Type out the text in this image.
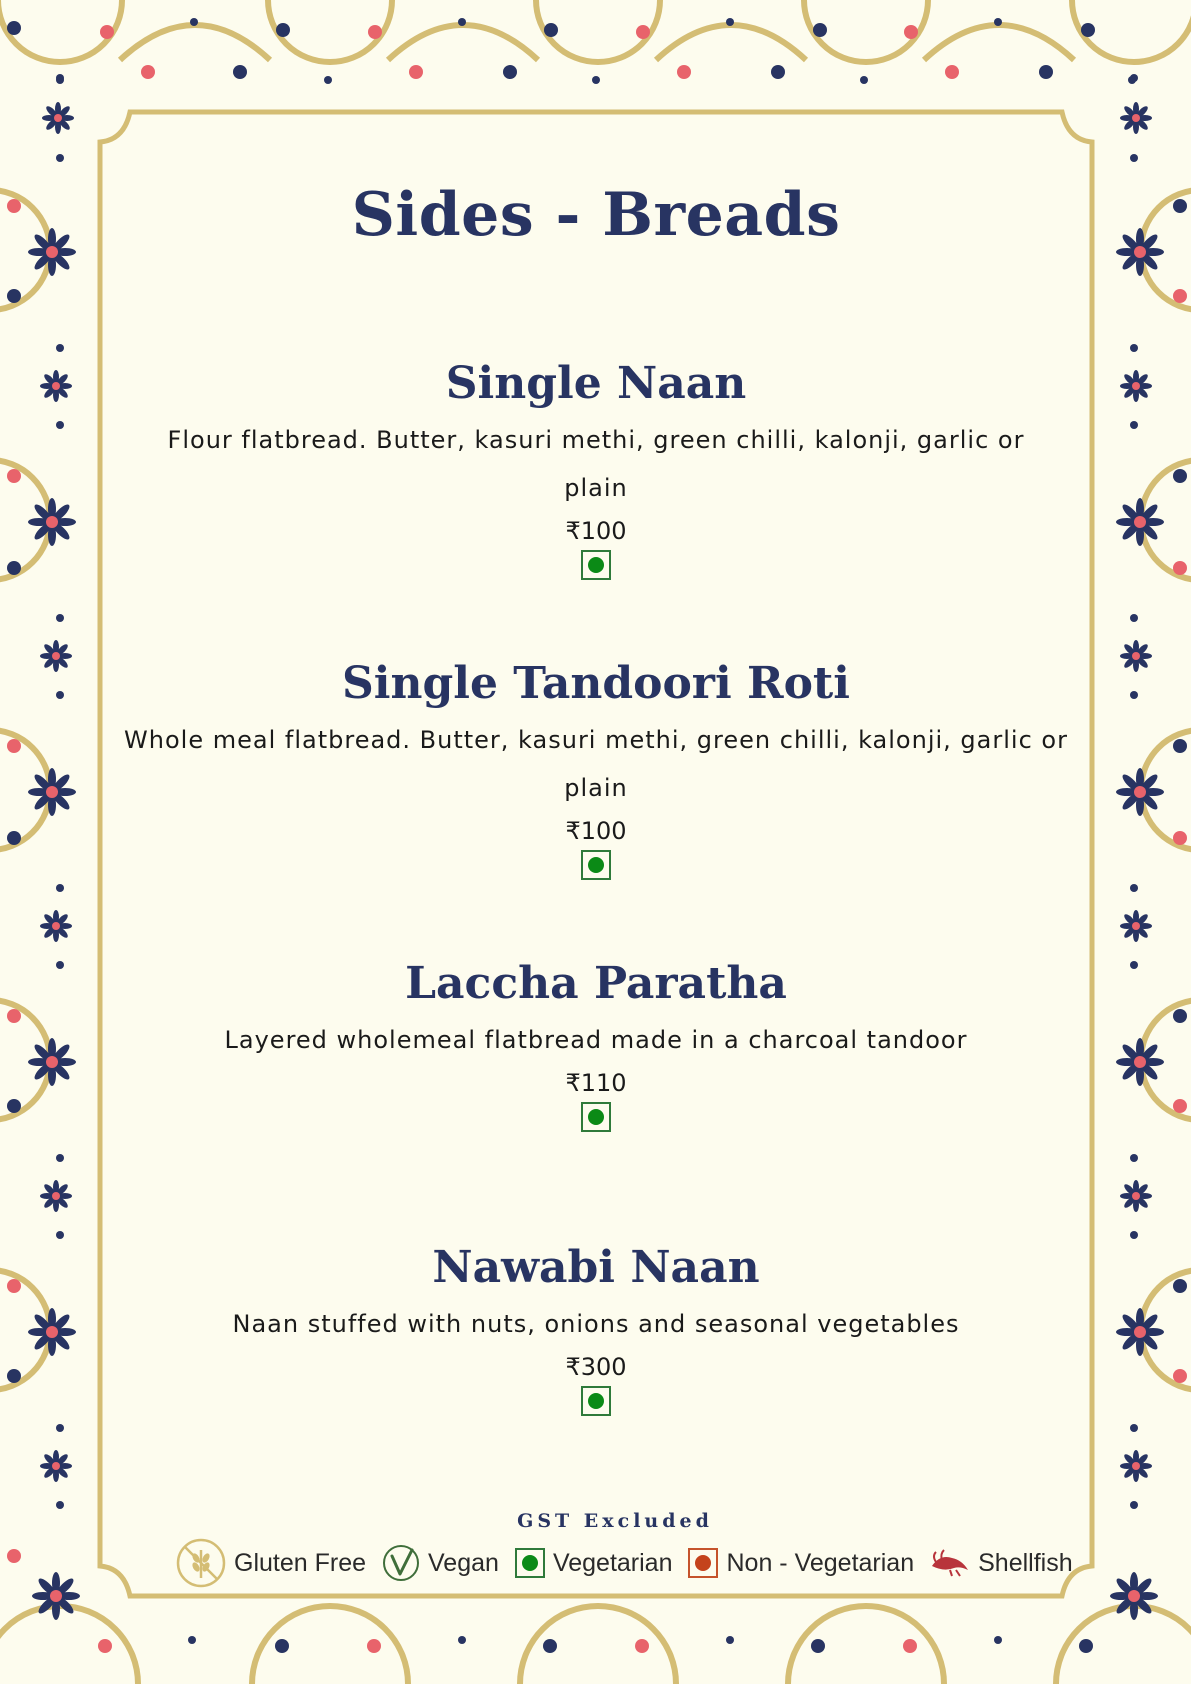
Sides - Breads
Single Naan
Flour flatbread. Butter, kasuri methi, green chilli, kalonji, garlic or plain
₹100
Single Tandoori Roti
Whole meal flatbread. Butter, kasuri methi, green chilli, kalonji, garlic or plain
₹100
Laccha Paratha
Layered wholemeal flatbread made in a charcoal tandoor
₹110
Nawabi Naan
Naan stuffed with nuts, onions and seasonal vegetables
₹300
GST Excluded
Gluten Free Vegan Vegetarian Non - Vegetarian	Shellfish
